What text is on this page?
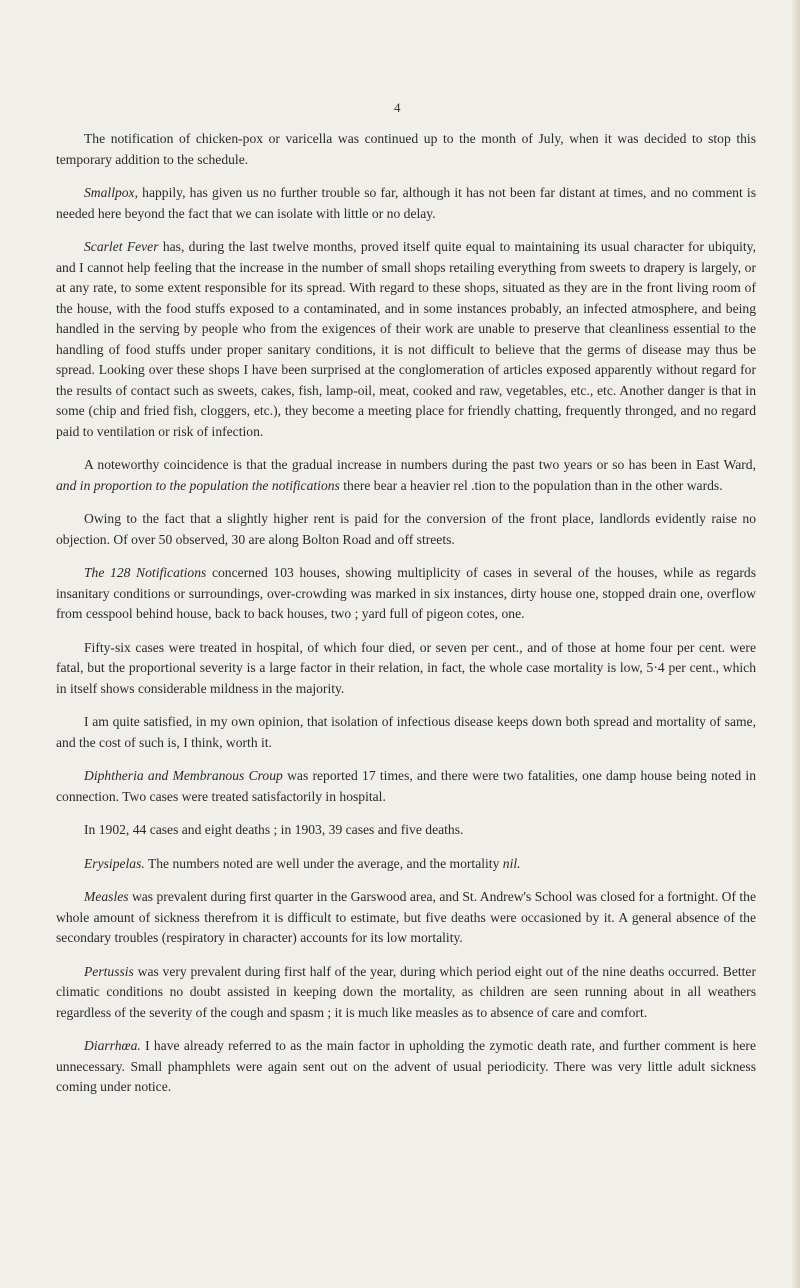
4

The notification of chicken-pox or varicella was continued up to the month of July, when it was decided to stop this temporary addition to the schedule.

Smallpox, happily, has given us no further trouble so far, although it has not been far distant at times, and no comment is needed here beyond the fact that we can isolate with little or no delay.

Scarlet Fever has, during the last twelve months, proved itself quite equal to maintaining its usual character for ubiquity, and I cannot help feeling that the increase in the number of small shops retailing everything from sweets to drapery is largely, or at any rate, to some extent responsible for its spread. With regard to these shops, situated as they are in the front living room of the house, with the food stuffs exposed to a contaminated, and in some instances probably, an infected atmosphere, and being handled in the serving by people who from the exigences of their work are unable to preserve that cleanliness essential to the handling of food stuffs under proper sanitary conditions, it is not difficult to believe that the germs of disease may thus be spread. Looking over these shops I have been surprised at the conglomeration of articles exposed apparently without regard for the results of contact such as sweets, cakes, fish, lamp-oil, meat, cooked and raw, vegetables, etc., etc. Another danger is that in some (chip and fried fish, cloggers, etc.), they become a meeting place for friendly chatting, frequently thronged, and no regard paid to ventilation or risk of infection.

A noteworthy coincidence is that the gradual increase in numbers during the past two years or so has been in East Ward, and in proportion to the population the notifications there bear a heavier rel .tion to the population than in the other wards.

Owing to the fact that a slightly higher rent is paid for the conversion of the front place, landlords evidently raise no objection. Of over 50 observed, 30 are along Bolton Road and off streets.

The 128 Notifications concerned 103 houses, showing multiplicity of cases in several of the houses, while as regards insanitary conditions or surroundings, over-crowding was marked in six instances, dirty house one, stopped drain one, overflow from cesspool behind house, back to back houses, two ; yard full of pigeon cotes, one.

Fifty-six cases were treated in hospital, of which four died, or seven per cent., and of those at home four per cent. were fatal, but the proportional severity is a large factor in their relation, in fact, the whole case mortality is low, 5·4 per cent., which in itself shows considerable mildness in the majority.

I am quite satisfied, in my own opinion, that isolation of infectious disease keeps down both spread and mortality of same, and the cost of such is, I think, worth it.

Diphtheria and Membranous Croup was reported 17 times, and there were two fatalities, one damp house being noted in connection. Two cases were treated satisfactorily in hospital.

In 1902, 44 cases and eight deaths ; in 1903, 39 cases and five deaths.

Erysipelas. The numbers noted are well under the average, and the mortality nil.

Measles was prevalent during first quarter in the Garswood area, and St. Andrew's School was closed for a fortnight. Of the whole amount of sickness therefrom it is difficult to estimate, but five deaths were occasioned by it. A general absence of the secondary troubles (respiratory in character) accounts for its low mortality.

Pertussis was very prevalent during first half of the year, during which period eight out of the nine deaths occurred. Better climatic conditions no doubt assisted in keeping down the mortality, as children are seen running about in all weathers regardless of the severity of the cough and spasm ; it is much like measles as to absence of care and comfort.

Diarrhœa. I have already referred to as the main factor in upholding the zymotic death rate, and further comment is here unnecessary. Small phamphlets were again sent out on the advent of usual periodicity. There was very little adult sickness coming under notice.
